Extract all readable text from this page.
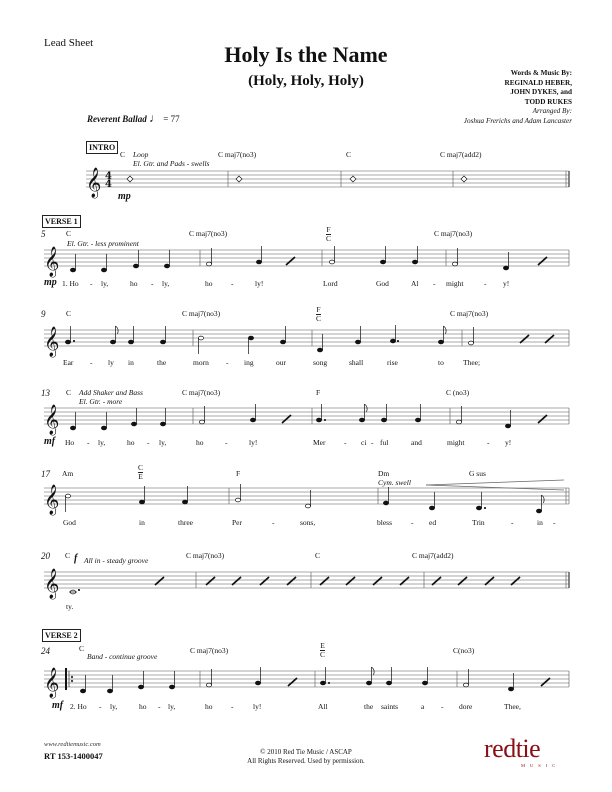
Lead Sheet	Holy Is the Name
(Holy, Holy, Holy)	Words & Music By:
REGINALD HEBER,
JOHN DYKES, and
TODD RUKES
Arranged By:
Joshua Frerichs and Adam Lancaster
Reverent Ballad ♩ = 77
𝄞
𝄞
𝄞
𝄞
𝄞
𝄞
𝄞
4
4
INTRO
C	C maj7(no3)	C	C maj7(add2)
Loop
El. Gtr. and Pads - swells
mp
VERSE 1
5	C	C maj7(no3)	F
C
C maj7(no3)
El. Gtr. - less prominent
mp 1. Ho - ly,	ho - ly,	ho -	ly!	Lord	God	Al - might	- y!
9	C	C maj7(no3)	F
C
C maj7(no3)
Ear - ly in	the	morn - ing	our	song	shall	rise	to	Thee;
13 C	C maj7(no3)	F	C (no3)
Add Shaker and Bass
El. Gtr. - more
mf Ho - ly,	ho - ly,	ho	-	ly!	Mer - ci - ful	and	might	- y!
17 Am
C
E	F	Dm	G sus
Cym. swell
God	in	three	Per	-	sons,	bless	- ed	Trin	-	in -
20 C	C maj7(no3)	C	C maj7(add2)
f All in - steady groove
ty.
VERSE 2
24	C	C maj7(no3)
E
C	C(no3)
Band - continue groove
mf 2. Ho - ly,	ho - ly,	ho -	ly!	All	the saints	a - dore	Thee,
www.redtiemusic.com
RT 153-1400047	© 2010 Red Tie Music / ASCAP
All Rights Reserved. Used by permission.	redtie
MUSIC
